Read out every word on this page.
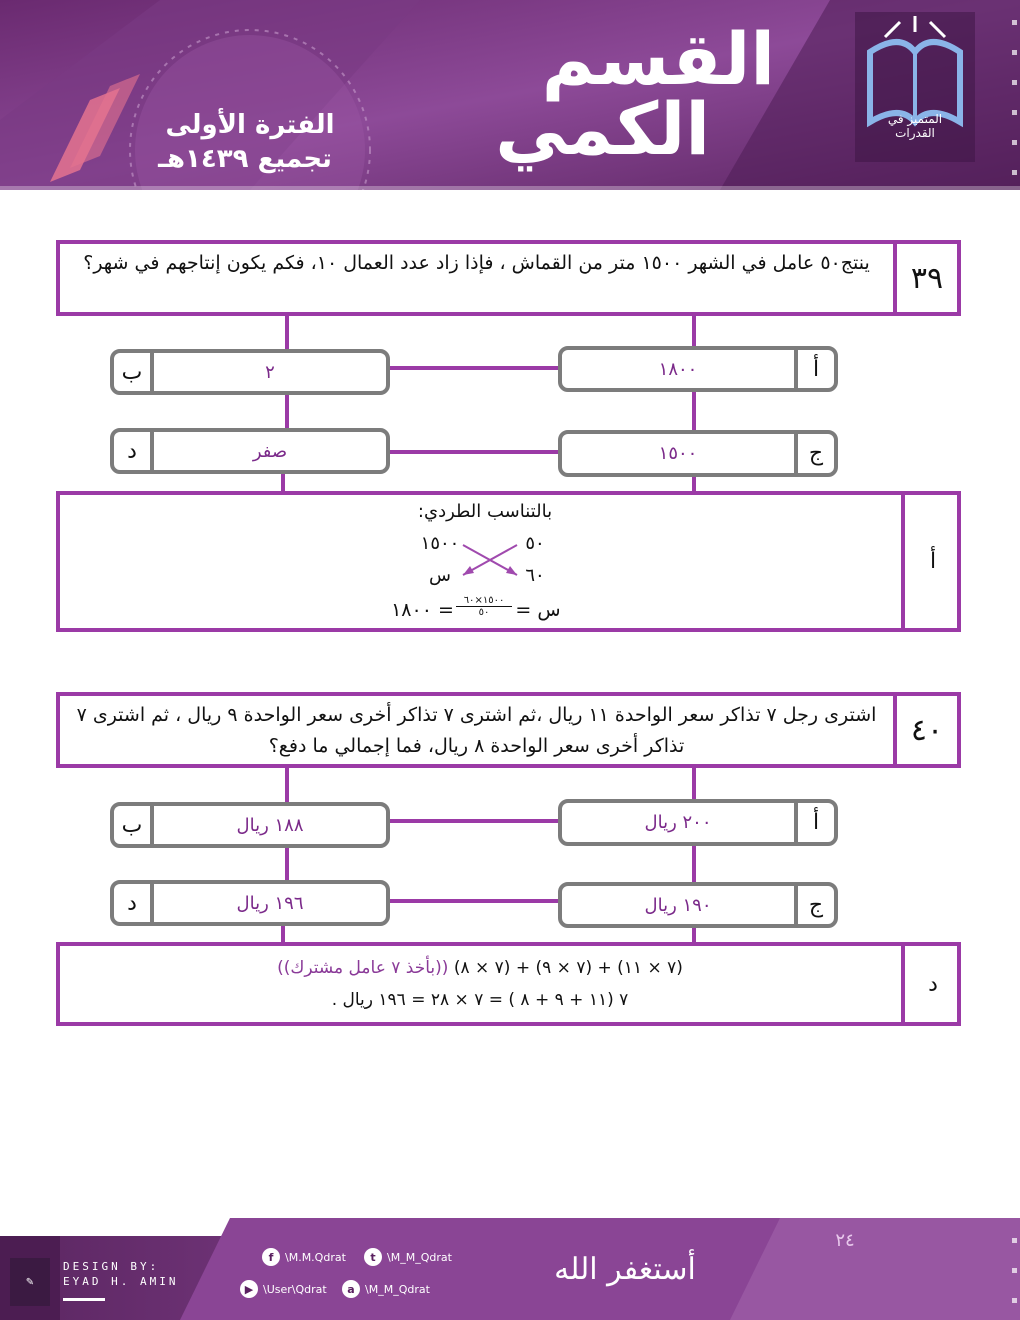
القسم
الكمي
الفترة الأولى
تجميع ١٤٣٩هـ
المتميز في القدرات
ينتج٥٠ عامل في الشهر ١٥٠٠ متر من القماش ، فإذا زاد عدد العمال ١٠، فكم يكون إنتاجهم في شهر؟	٣٩
١٨٠٠	أ
٢
ب
١٥٠٠	ج
صفر
د
أ
بالتناسب الطردي:
٥٠
١٥٠٠
٦٠
س
س =
١٥٠٠×٦٠
٥٠
= ١٨٠٠
اشترى رجل ٧ تذاكر سعر الواحدة ١١ ريال ،ثم اشترى ٧ تذاكر أخرى سعر الواحدة ٩ ريال ، ثم اشترى ٧ تذاكر أخرى سعر الواحدة ٨ ريال، فما إجمالي ما دفع؟	٤٠
٢٠٠ ريال	أ
١٨٨ ريال
ب
١٩٠ ريال	ج
١٩٦ ريال
د
د
(٧ × ١١) + (٧ × ٩) + (٧ × ٨) ((بأخذ ٧ عامل مشترك))
٧ (١١ + ٩ + ٨ ) = ٧ × ٢٨ = ١٩٦ ريال .
✎
DESIGN BY:
EYAD H. AMIN
f	\M.M.Qdrat	t	\M_M_Qdrat
▶ \User\Qdrat	a \M_M_Qdrat
أستغفر الله
٢٤
